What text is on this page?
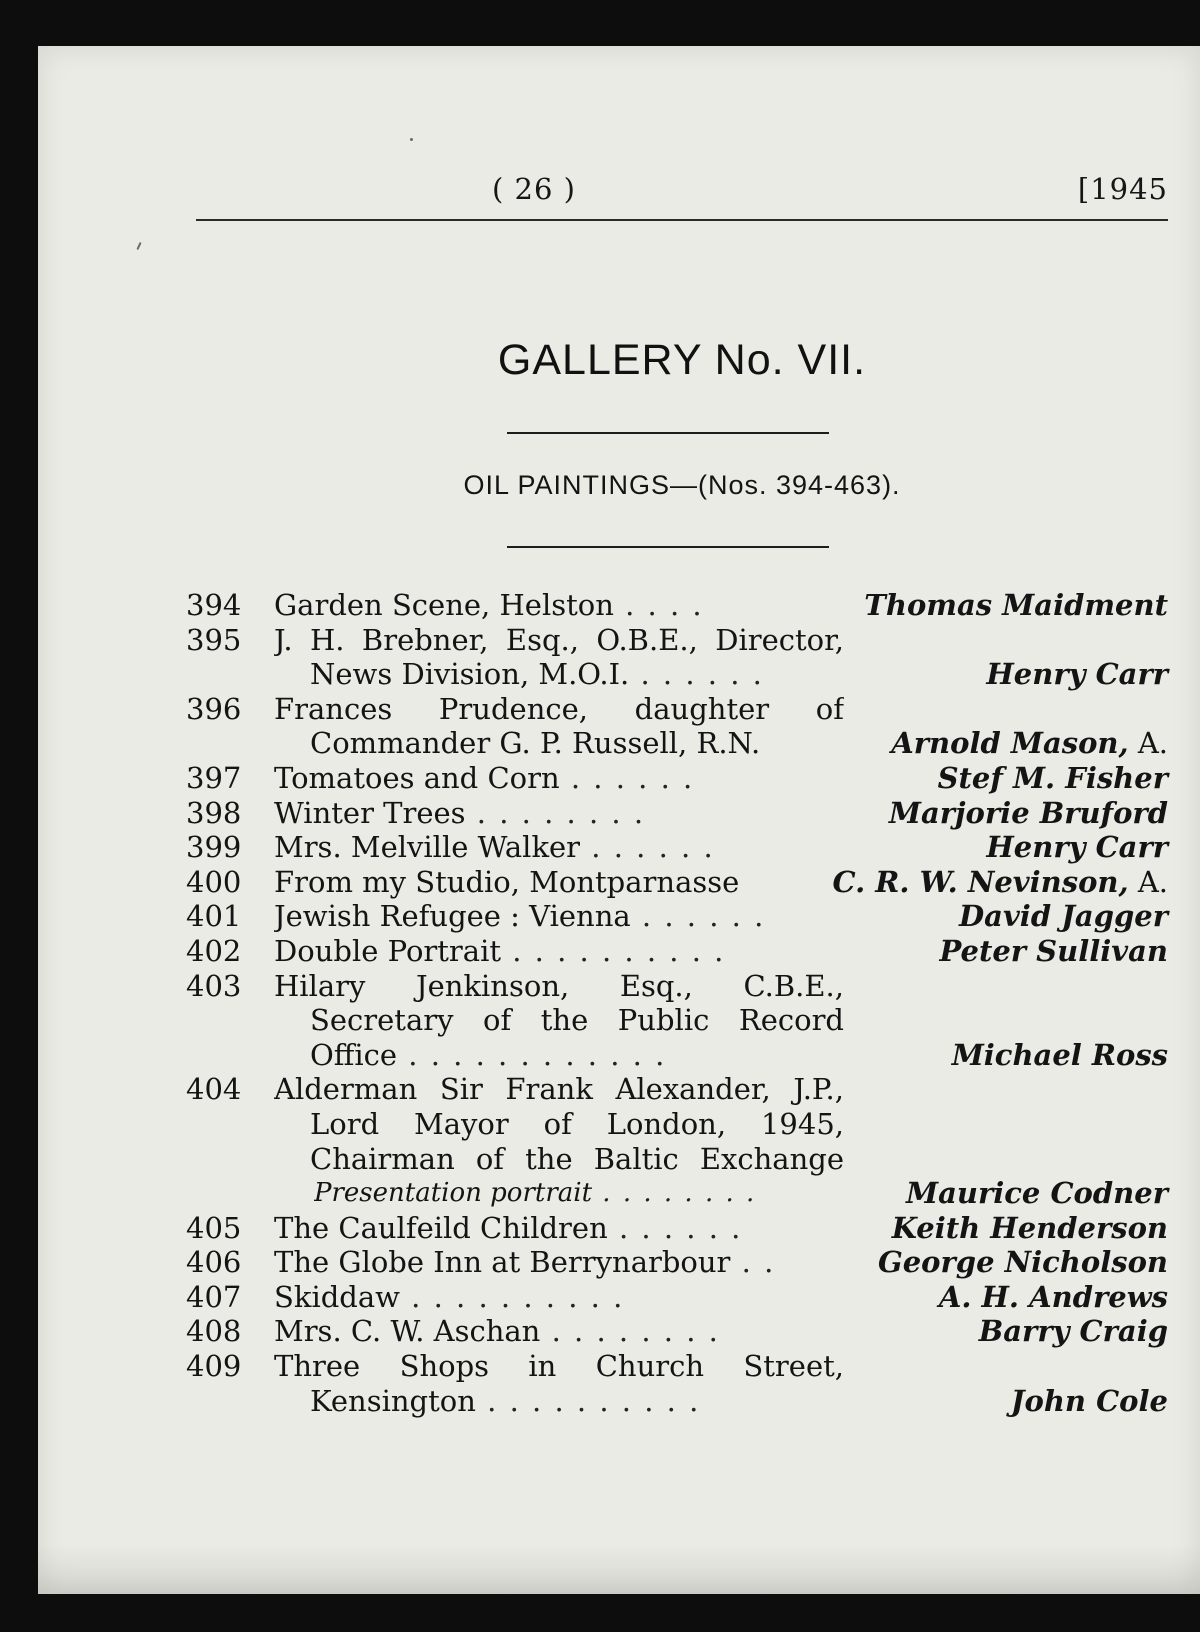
( 26 )	[1945
GALLERY No. VII.
OIL PAINTINGS—(Nos. 394-463).
394	Garden Scene, Helston . . . .	Thomas Maidment
395	J. H. Brebner, Esq., O.B.E., Director,
News Division, M.O.I. . . . . . .	Henry Carr
396	Frances Prudence, daughter of
Commander G. P. Russell, R.N.	Arnold Mason, A.
397	Tomatoes and Corn . . . . . .	Stef M. Fisher
398	Winter Trees . . . . . . . .	Marjorie Bruford
399	Mrs. Melville Walker . . . . . .	Henry Carr
400	From my Studio, Montparnasse	C. R. W. Nevinson, A.
401	Jewish Refugee : Vienna . . . . . .	David Jagger
402	Double Portrait . . . . . . . . . .	Peter Sullivan
403	Hilary Jenkinson, Esq., C.B.E.,
Secretary of the Public Record
Office . . . . . . . . . . . .	Michael Ross
404	Alderman Sir Frank Alexander, J.P.,
Lord Mayor of London, 1945,
Chairman of the Baltic Exchange
Presentation portrait . . . . . . . .	Maurice Codner
405	The Caulfeild Children . . . . . .	Keith Henderson
406	The Globe Inn at Berrynarbour . .	George Nicholson
407	Skiddaw . . . . . . . . . .	A. H. Andrews
408	Mrs. C. W. Aschan . . . . . . . .	Barry Craig
409	Three Shops in Church Street,
Kensington . . . . . . . . . .	John Cole
